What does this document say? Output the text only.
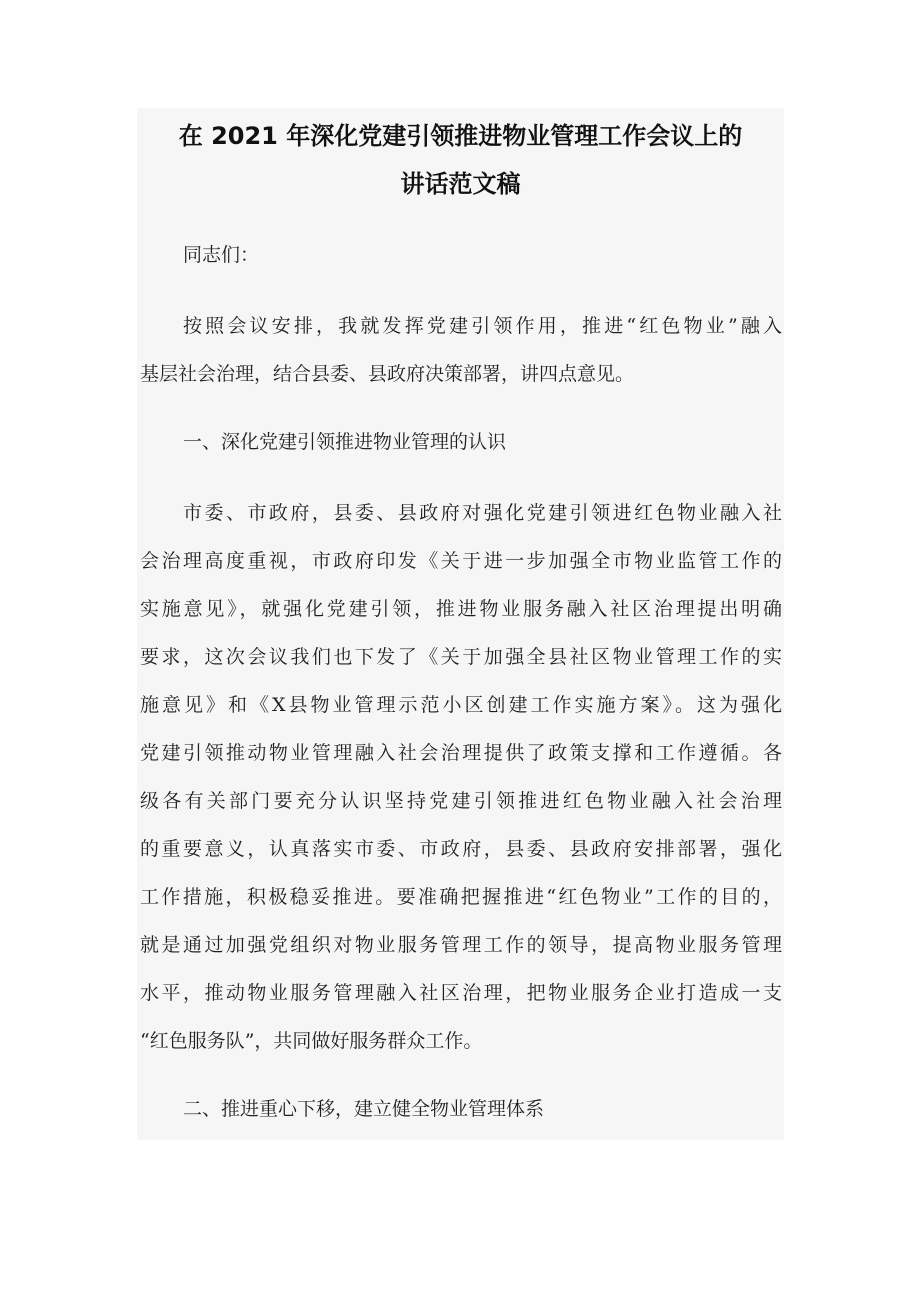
在 2021 年深化党建引领推进物业管理工作会议上的
讲话范文稿
同志们：
按照会议安排，我就发挥党建引领作用，推进“红色物业”融入
基层社会治理，结合县委、县政府决策部署，讲四点意见。
一、深化党建引领推进物业管理的认识
市委、市政府，县委、县政府对强化党建引领进红色物业融入社
会治理高度重视，市政府印发《关于进一步加强全市物业监管工作的
实施意见》，就强化党建引领，推进物业服务融入社区治理提出明确
要求，这次会议我们也下发了《关于加强全县社区物业管理工作的实
施意见》和《X县物业管理示范小区创建工作实施方案》。这为强化
党建引领推动物业管理融入社会治理提供了政策支撑和工作遵循。各
级各有关部门要充分认识坚持党建引领推进红色物业融入社会治理
的重要意义，认真落实市委、市政府，县委、县政府安排部署，强化
工作措施，积极稳妥推进。要准确把握推进“红色物业”工作的目的，
就是通过加强党组织对物业服务管理工作的领导，提高物业服务管理
水平，推动物业服务管理融入社区治理，把物业服务企业打造成一支
“红色服务队”，共同做好服务群众工作。
二、推进重心下移，建立健全物业管理体系
